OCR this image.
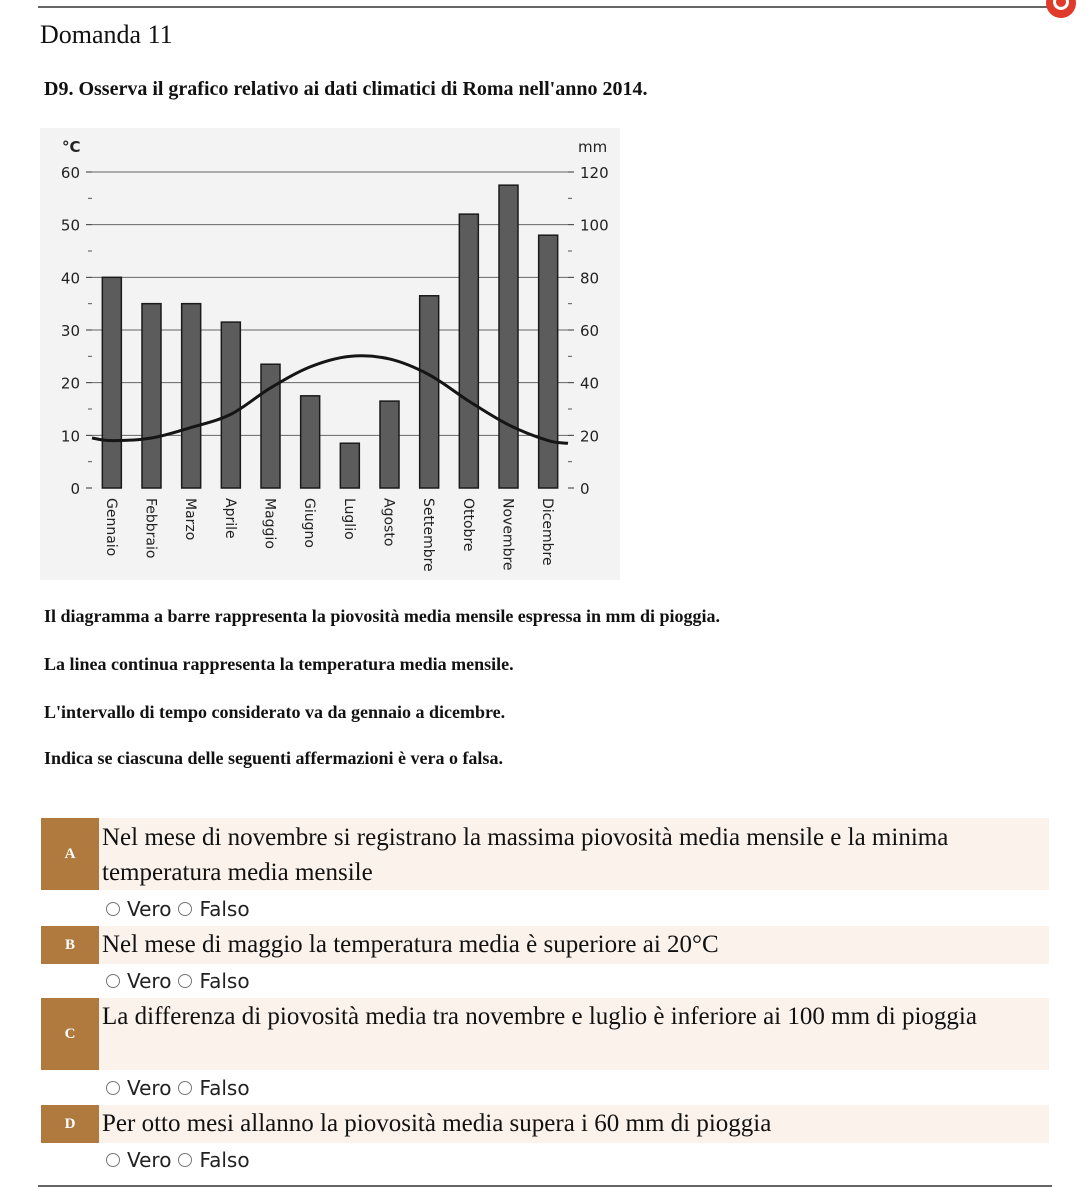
Domanda 11
D9. Osserva il grafico relativo ai dati climatici di Roma nell'anno 2014.
0
10
20
30
40
50
60
0
20
40
60
80
100
120
°C	mm
Gennaio Febbraio Marzo Aprile Maggio Giugno Luglio Agosto Settembre Ottobre Novembre Dicembre
Il diagramma a barre rappresenta la piovosità media mensile espressa in mm di pioggia.
La linea continua rappresenta la temperatura media mensile.
L'intervallo di tempo considerato va da gennaio a dicembre.
Indica se ciascuna delle seguenti affermazioni è vera o falsa.
A
Nel mese di novembre si registrano la massima piovosità media mensile e la minima temperatura media mensile
Vero Falso
B	Nel mese di maggio la temperatura media è superiore ai 20°C
Vero Falso
C
La differenza di piovosità media tra novembre e luglio è inferiore ai 100 mm di pioggia
Vero Falso
D	Per otto mesi allanno la piovosità media supera i 60 mm di pioggia
Vero Falso
